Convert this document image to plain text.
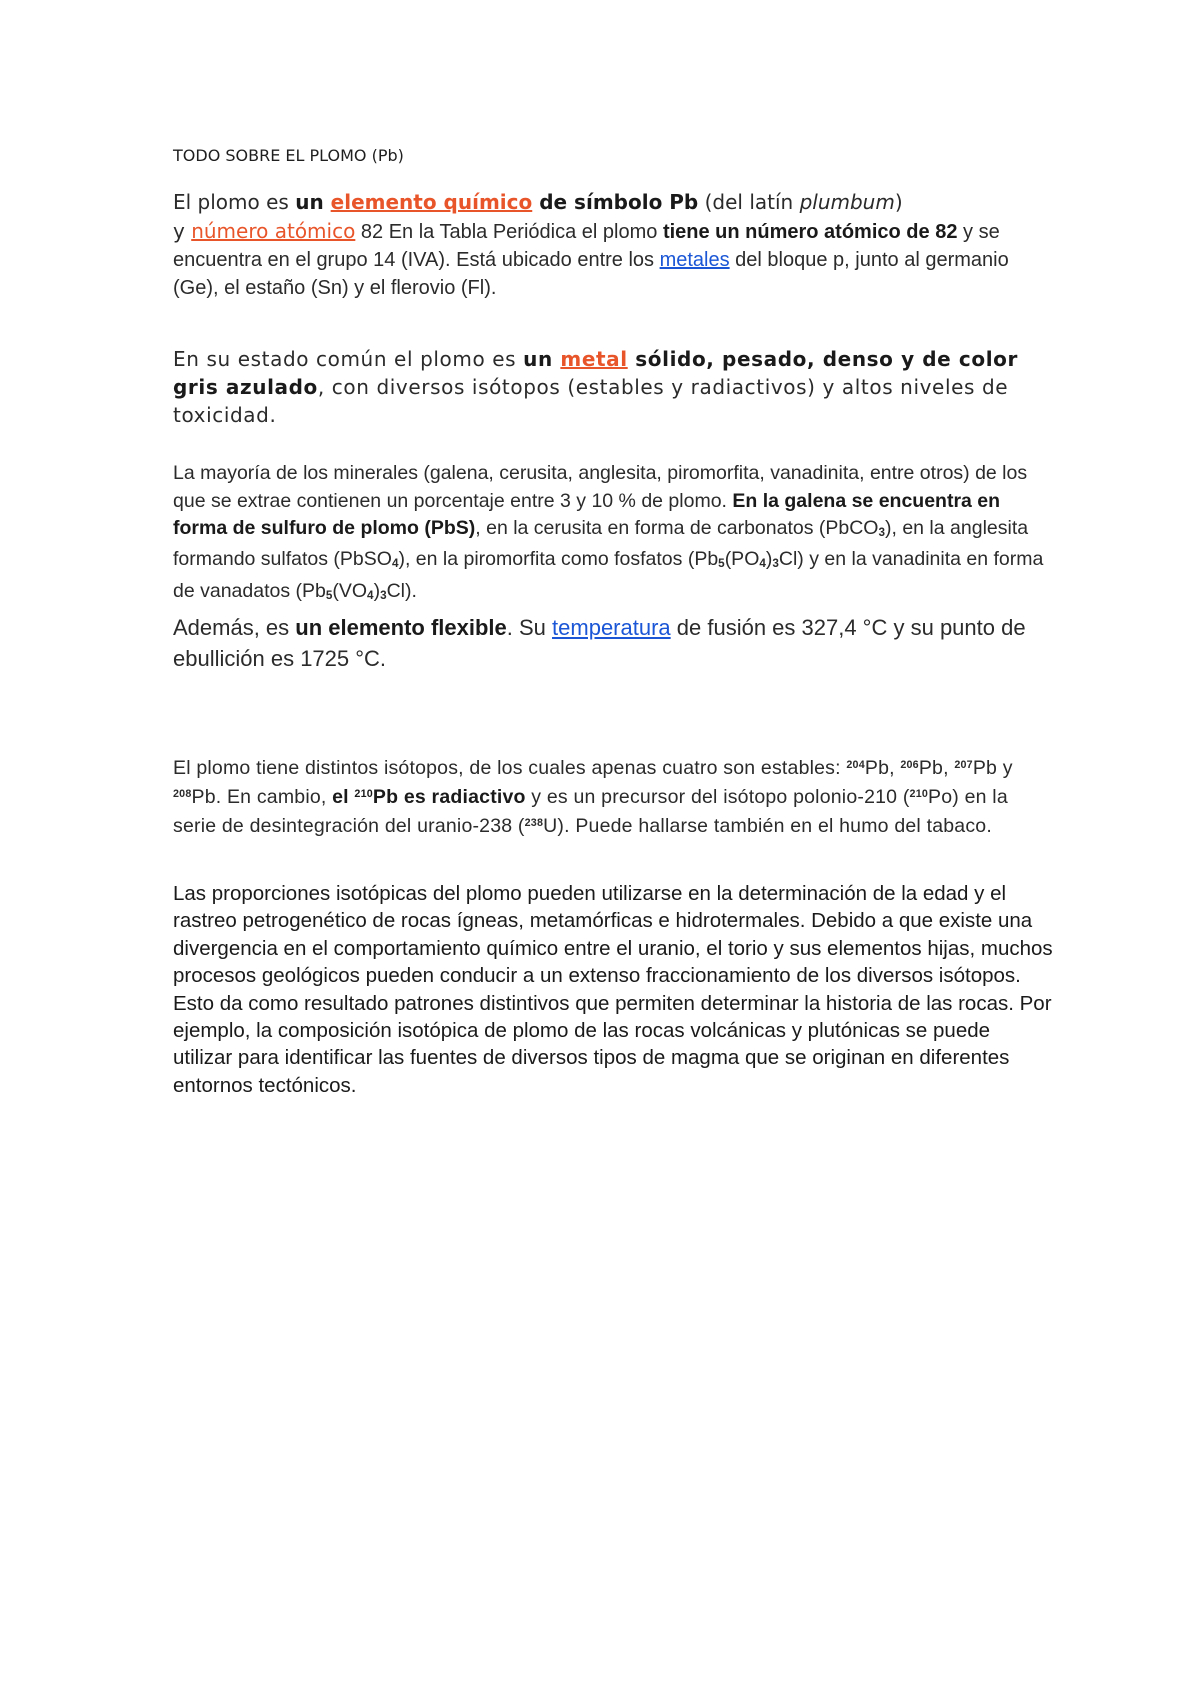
TODO SOBRE EL PLOMO (Pb)

El plomo es un elemento químico de símbolo Pb (del latín plumbum)
y número atómico 82 En la Tabla Periódica el plomo tiene un número atómico de 82 y se encuentra en el grupo 14 (IVA). Está ubicado entre los metales del bloque p, junto al germanio (Ge), el estaño (Sn) y el flerovio (Fl).

En su estado común el plomo es un metal sólido, pesado, denso y de color gris azulado, con diversos isótopos (estables y radiactivos) y altos niveles de toxicidad.

La mayoría de los minerales (galena, cerusita, anglesita, piromorfita, vanadinita, entre otros) de los que se extrae contienen un porcentaje entre 3 y 10 % de plomo. En la galena se encuentra en forma de sulfuro de plomo (PbS), en la cerusita en forma de carbonatos (PbCO3), en la anglesita formando sulfatos (PbSO4), en la piromorfita como fosfatos (Pb5(PO4)3Cl) y en la vanadinita en forma de vanadatos (Pb5(VO4)3Cl).

Además, es un elemento flexible. Su temperatura de fusión es 327,4 °C y su punto de ebullición es 1725 °C.

El plomo tiene distintos isótopos, de los cuales apenas cuatro son estables: $^{204}$Pb, $^{206}$Pb, $^{207}$Pb y $^{208}$Pb. En cambio, el $^{210}$Pb es radiactivo y es un precursor del isótopo polonio-210 ($^{210}$Po) en la serie de desintegración del uranio-238 ($^{238}$U). Puede hallarse también en el humo del tabaco.

Las proporciones isotópicas del plomo pueden utilizarse en la determinación de la edad y el rastreo petrogenético de rocas ígneas, metamórficas e hidrotermales. Debido a que existe una divergencia en el comportamiento químico entre el uranio, el torio y sus elementos hijas, muchos procesos geológicos pueden conducir a un extenso fraccionamiento de los diversos isótopos. Esto da como resultado patrones distintivos que permiten determinar la historia de las rocas. Por ejemplo, la composición isotópica de plomo de las rocas volcánicas y plutónicas se puede utilizar para identificar las fuentes de diversos tipos de magma que se originan en diferentes entornos tectónicos.
